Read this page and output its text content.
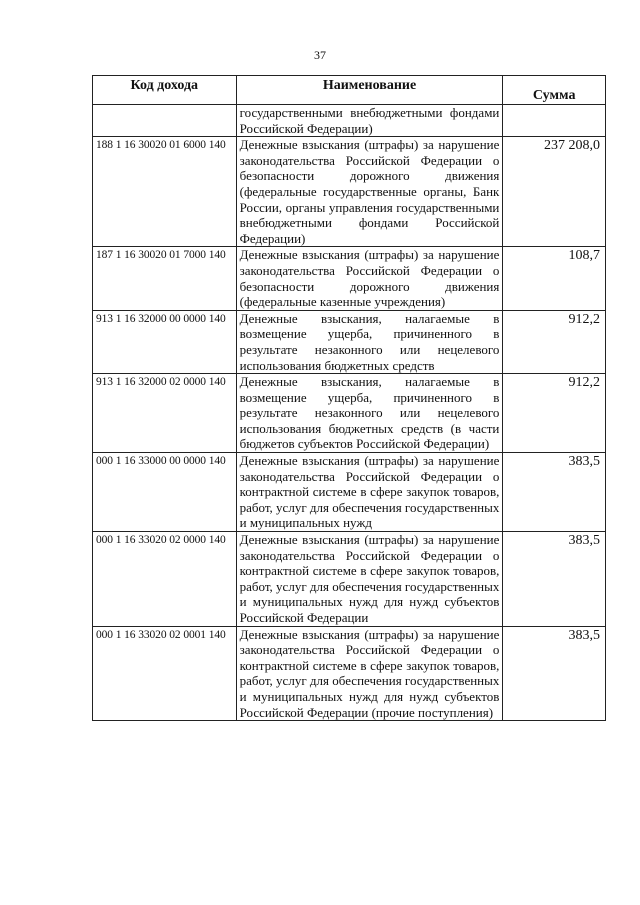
37
Код дохода	Наименование	Сумма
	государственными внебюджетными фондами Российской Федерации)	
188 1 16 30020 01 6000 140	Денежные взыскания (штрафы) за нарушение законодательства Российской Федерации о безопасности дорожного движения (федеральные государственные органы, Банк России, органы управления государственными внебюджетными фондами Российской Федерации)	237 208,0
187 1 16 30020 01 7000 140	Денежные взыскания (штрафы) за нарушение законодательства Российской Федерации о безопасности дорожного движения (федеральные казенные учреждения)	108,7
913 1 16 32000 00 0000 140	Денежные взыскания, налагаемые в возмещение ущерба, причиненного в результате незаконного или нецелевого использования бюджетных средств	912,2
913 1 16 32000 02 0000 140	Денежные взыскания, налагаемые в возмещение ущерба, причиненного в результате незаконного или нецелевого использования бюджетных средств (в части бюджетов субъектов Российской Федерации)	912,2
000 1 16 33000 00 0000 140	Денежные взыскания (штрафы) за нарушение законодательства Российской Федерации о контрактной системе в сфере закупок товаров, работ, услуг для обеспечения государственных и муниципальных нужд	383,5
000 1 16 33020 02 0000 140	Денежные взыскания (штрафы) за нарушение законодательства Российской Федерации о контрактной системе в сфере закупок товаров, работ, услуг для обеспечения государственных и муниципальных нужд для нужд субъектов Российской Федерации	383,5
000 1 16 33020 02 0001 140	Денежные взыскания (штрафы) за нарушение законодательства Российской Федерации о контрактной системе в сфере закупок товаров, работ, услуг для обеспечения государственных и муниципальных нужд для нужд субъектов Российской Федерации (прочие поступления)	383,5
